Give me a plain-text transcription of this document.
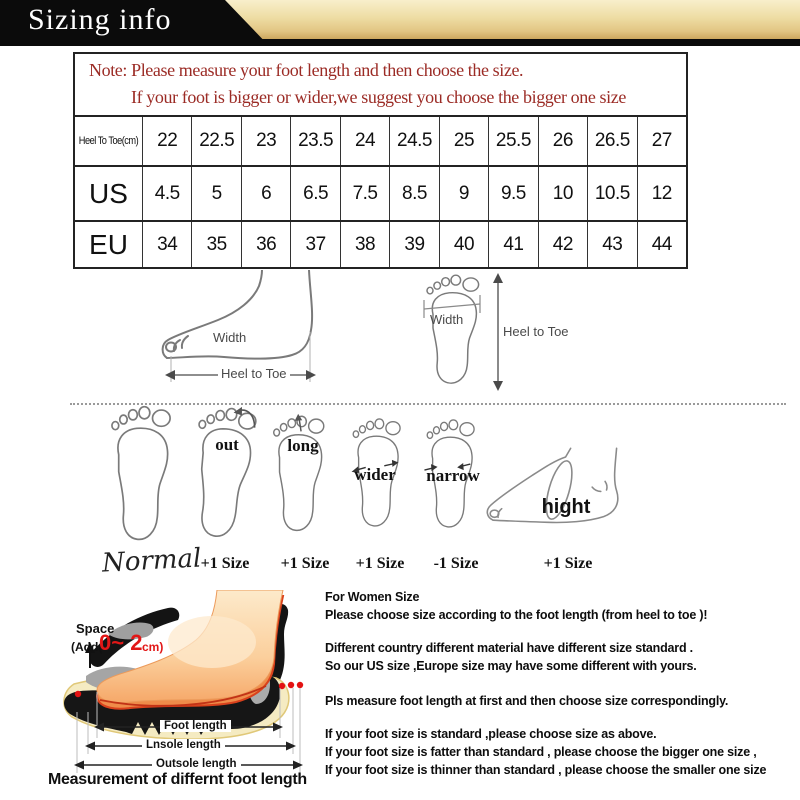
Sizing info
Note: Please measure your foot length and then choose the size.
If your foot is bigger or wider,we suggest you choose the bigger one size
Heel To Toe(cm) 22	22.5	23	23.5	24	24.5	25	25.5	26	26.5	27
US	4.5	5	6	6.5	7.5	8.5	9	9.5	10	10.5	12
EU	34	35	36	37	38	39	40	41	42	43	44
Width
Heel to Toe
Width
Heel to Toe
Normal
out
+1 Size
long
+1 Size
wider
+1 Size
narrow
-1 Size
hight
+1 Size
Space
(Add(
0~ 2 cm)
Foot length
Lnsole length
Outsole length
Measurement of differnt foot length
For Women Size
Please choose size according to the foot length (from heel to toe )!
Different country different material have different size standard .
So our US size ,Europe size may have some different with yours.
Pls measure foot length at first and then choose size correspondingly.
If your foot size is standard ,please choose size as above.
If your foot size is fatter than standard , please choose the bigger one size ,
If your foot size is thinner than standard , please choose the smaller one size
